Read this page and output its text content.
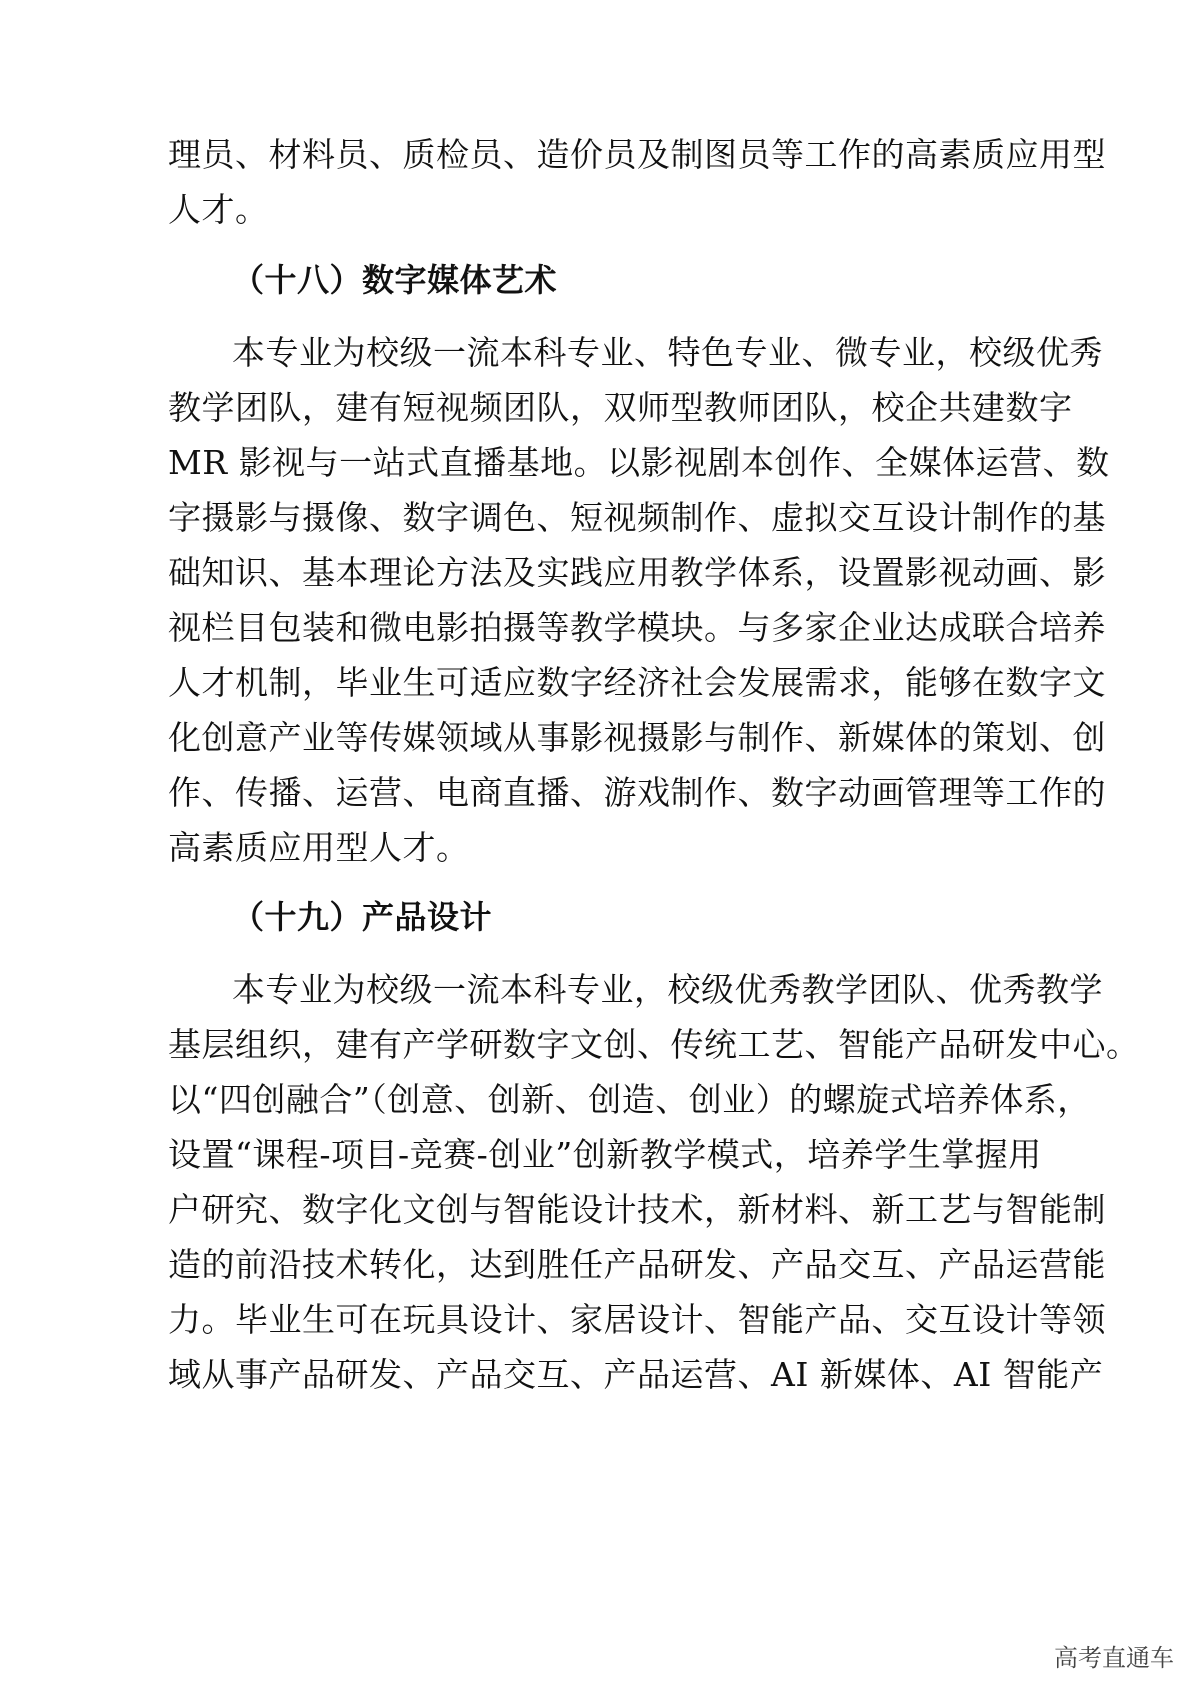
理员、材料员、质检员、造价员及制图员等工作的高素质应用型
人才。
（十八）数字媒体艺术
本专业为校级一流本科专业、特色专业、微专业，校级优秀
教学团队，建有短视频团队，双师型教师团队，校企共建数字
MR 影视与一站式直播基地。以影视剧本创作、全媒体运营、数
字摄影与摄像、数字调色、短视频制作、虚拟交互设计制作的基
础知识、基本理论方法及实践应用教学体系，设置影视动画、影
视栏目包装和微电影拍摄等教学模块。与多家企业达成联合培养
人才机制，毕业生可适应数字经济社会发展需求，能够在数字文
化创意产业等传媒领域从事影视摄影与制作、新媒体的策划、创
作、传播、运营、电商直播、游戏制作、数字动画管理等工作的
高素质应用型人才。
（十九）产品设计
本专业为校级一流本科专业，校级优秀教学团队、优秀教学
基层组织，建有产学研数字文创、传统工艺、智能产品研发中心。
以“四创融合”（创意、创新、创造、创业）的螺旋式培养体系，
设置“课程-项目-竞赛-创业”创新教学模式，培养学生掌握用
户研究、数字化文创与智能设计技术，新材料、新工艺与智能制
造的前沿技术转化，达到胜任产品研发、产品交互、产品运营能
力。毕业生可在玩具设计、家居设计、智能产品、交互设计等领
域从事产品研发、产品交互、产品运营、AI 新媒体、AI 智能产
高考直通车
